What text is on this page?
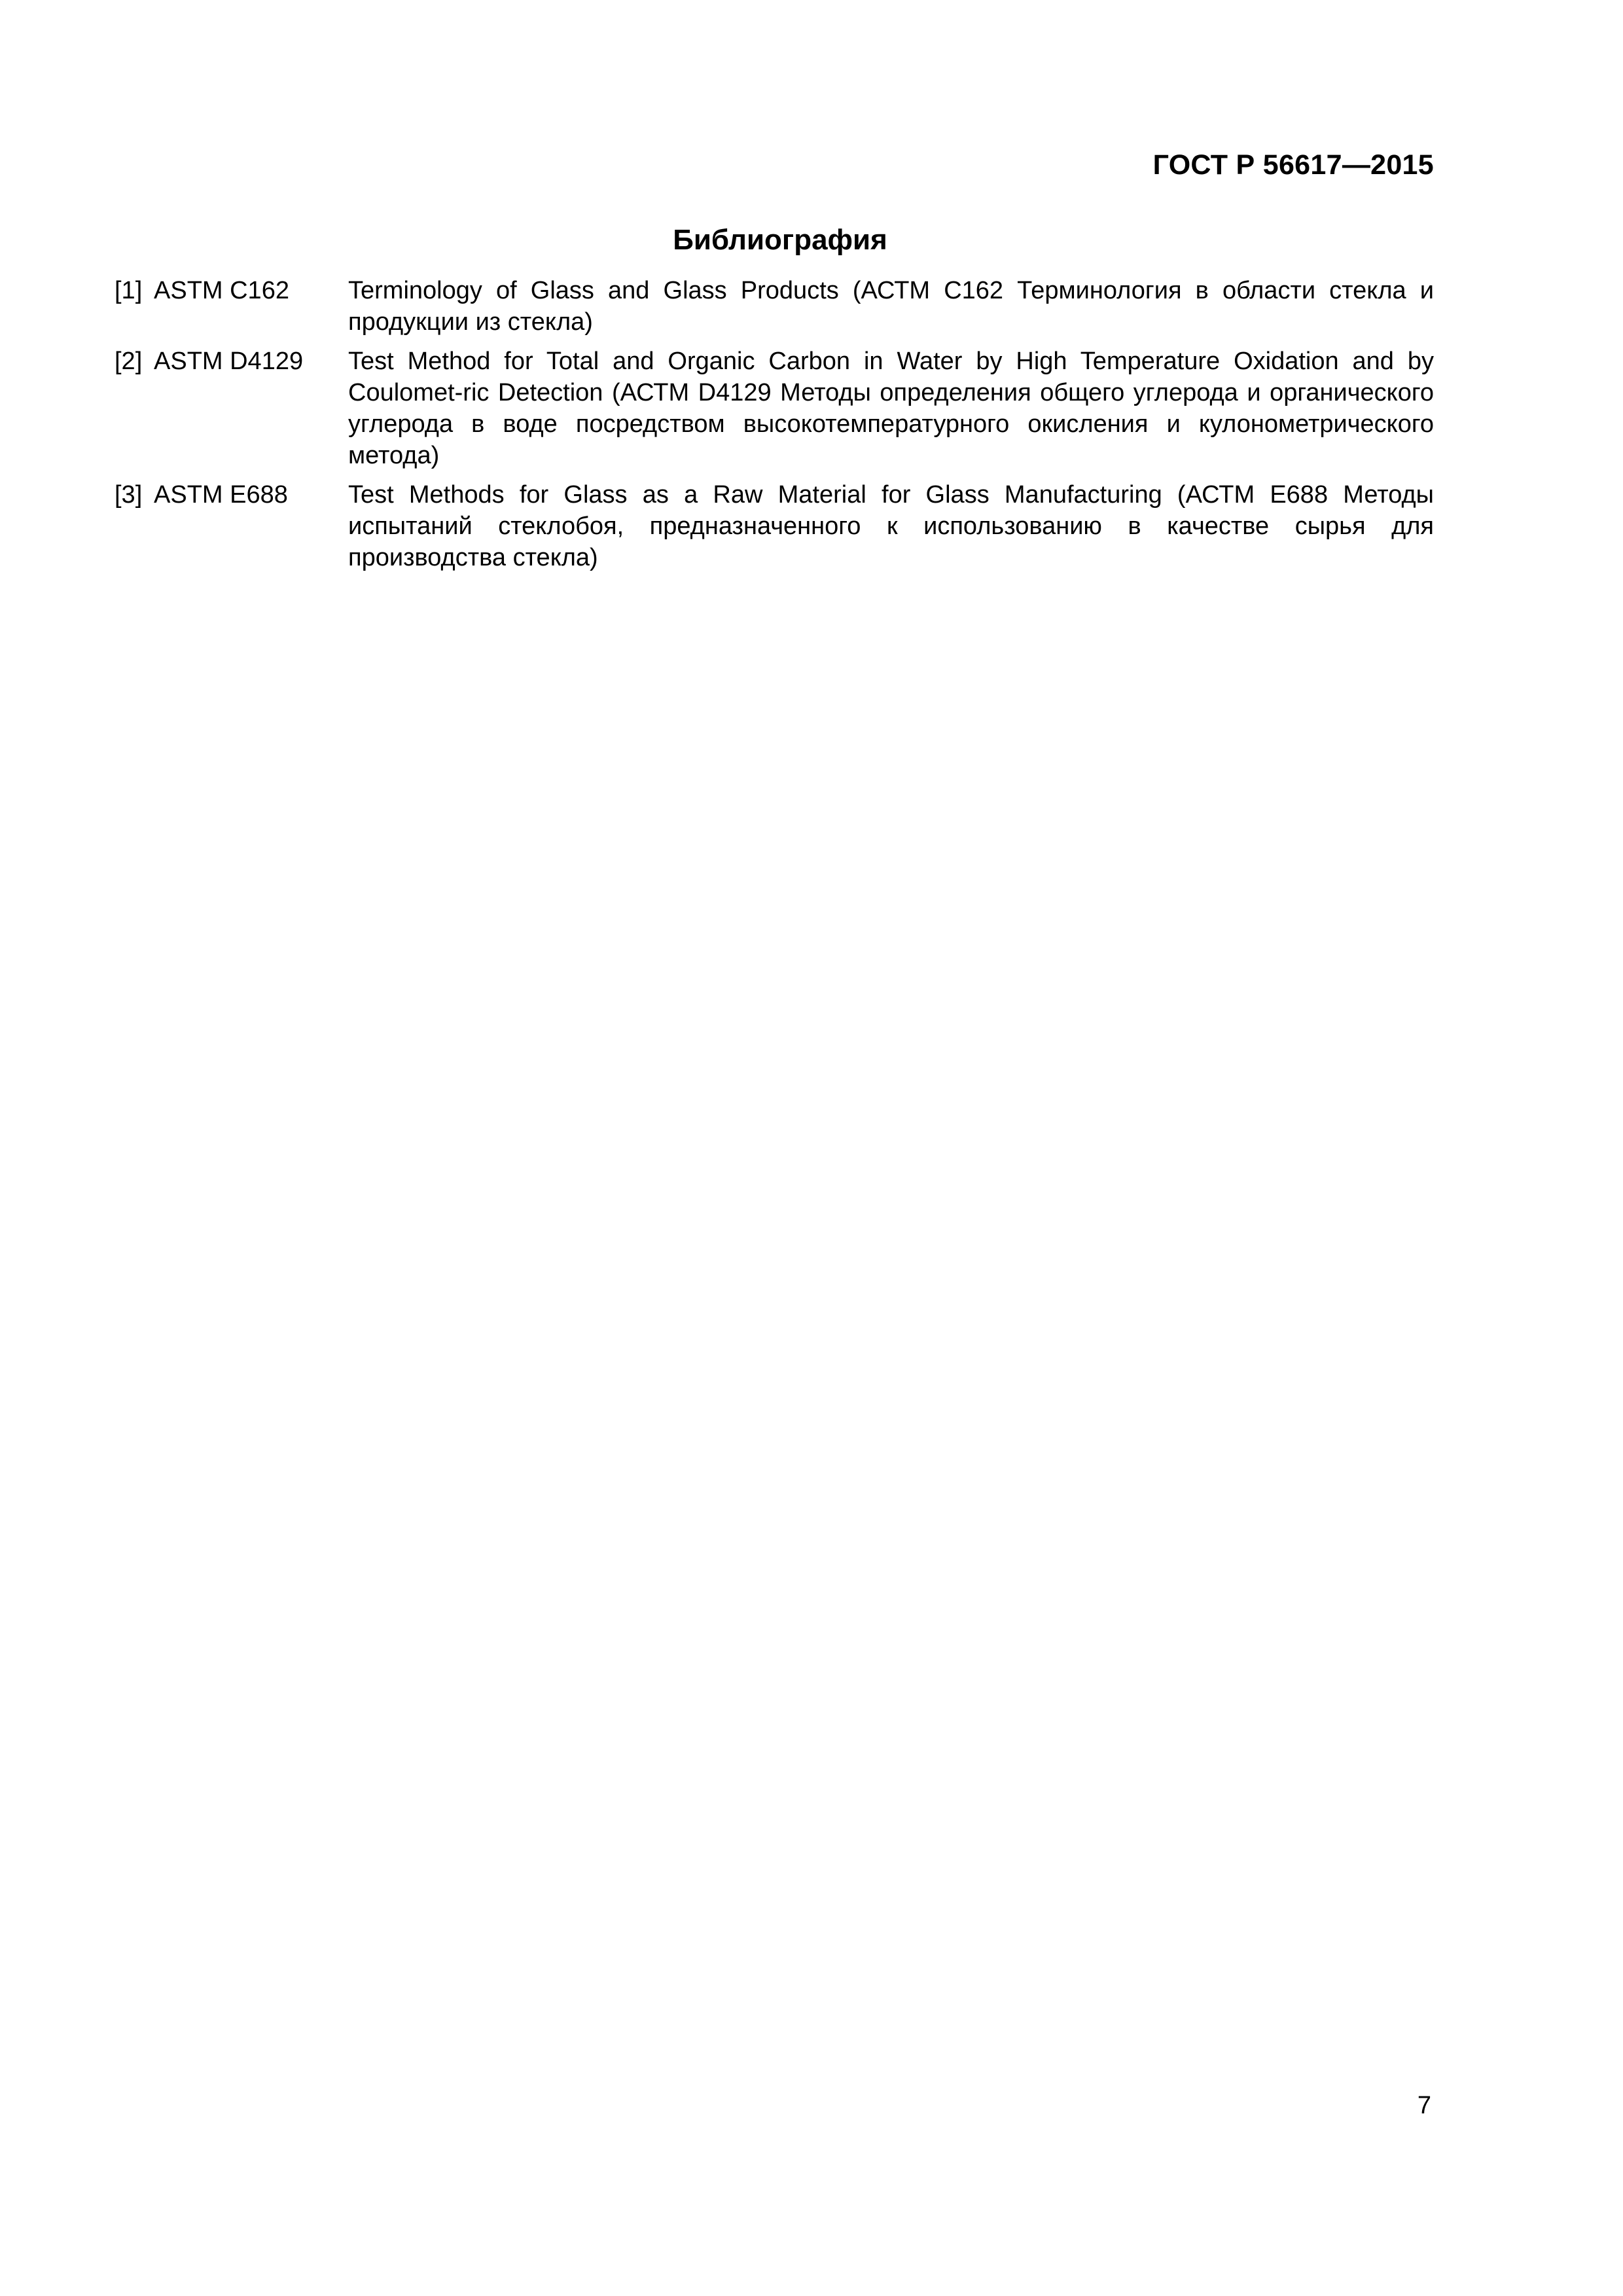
ГОСТ Р 56617—2015
Библиография
[1] ASTM C162	Terminology of Glass and Glass Products (АСТМ С162 Терминология в области стекла и продукции из стекла)
[2] ASTM D4129	Test Method for Total and Organic Carbon in Water by High Temperature Oxidation and by Coulomet-ric Detection (АСТМ D4129 Методы определения общего углерода и органического углерода в воде посредством высокотемпературного окисления и кулонометрического метода)
[3] ASTM E688	Test Methods for Glass as a Raw Material for Glass Manufacturing (АСТМ Е688 Методы испытаний стеклобоя, предназначенного к использованию в качестве сырья для производства стекла)
7
